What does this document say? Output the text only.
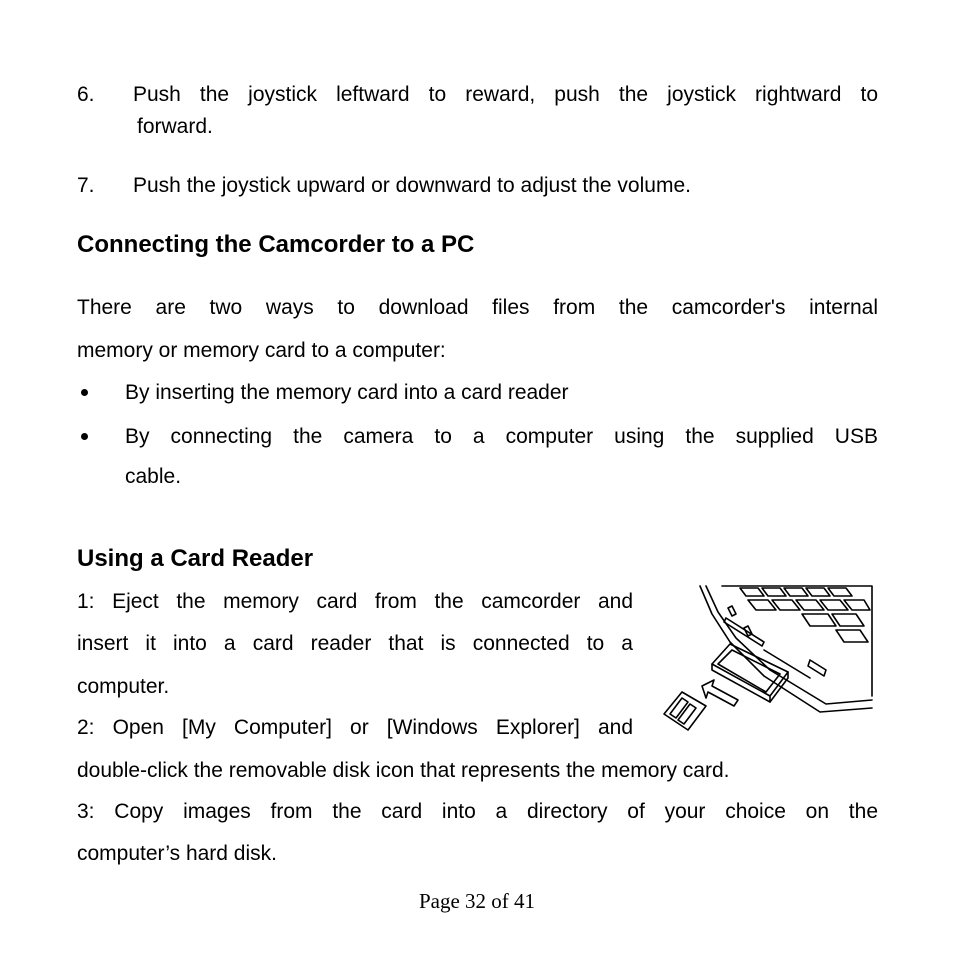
6. Push the joystick leftward to reward, push the joystick rightward to
forward.
7. Push the joystick upward or downward to adjust the volume.
Connecting the Camcorder to a PC
There are two ways to download files from the camcorder's internal
memory or memory card to a computer:
By inserting the memory card into a card reader
By connecting the camera to a computer using the supplied USB
cable.
Using a Card Reader
1: Eject the memory card from the camcorder and
insert it into a card reader that is connected to a
computer.
2: Open [My Computer] or [Windows Explorer] and
double-click the removable disk icon that represents the memory card.
3: Copy images from the card into a directory of your choice on the
computer’s hard disk.
Page 32 of 41
